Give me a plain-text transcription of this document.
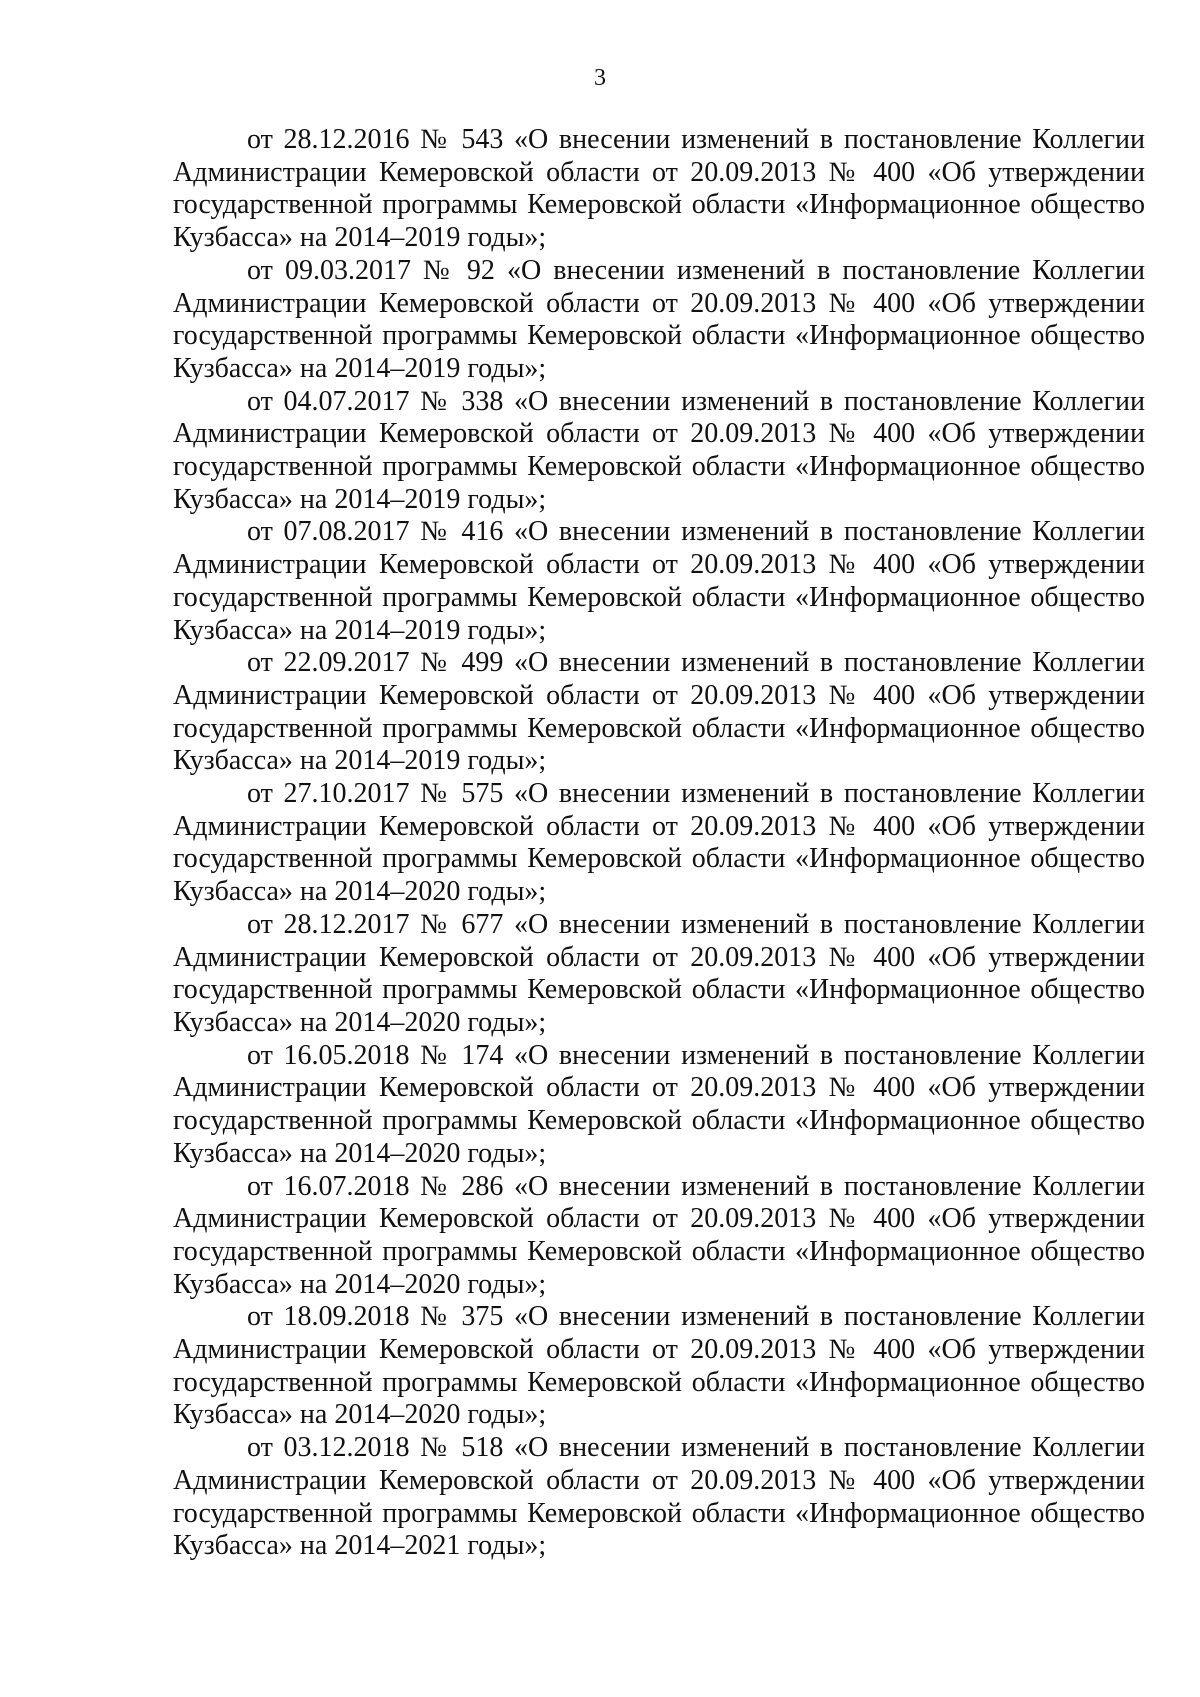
3

от 28.12.2016 № 543 «О внесении изменений в постановление Коллегии
Администрации Кемеровской области от 20.09.2013 № 400 «Об утверждении
государственной программы Кемеровской области «Информационное общество
Кузбасса» на 2014–2019 годы»;

от 09.03.2017 № 92 «О внесении изменений в постановление Коллегии
Администрации Кемеровской области от 20.09.2013 № 400 «Об утверждении
государственной программы Кемеровской области «Информационное общество
Кузбасса» на 2014–2019 годы»;

от 04.07.2017 № 338 «О внесении изменений в постановление Коллегии
Администрации Кемеровской области от 20.09.2013 № 400 «Об утверждении
государственной программы Кемеровской области «Информационное общество
Кузбасса» на 2014–2019 годы»;

от 07.08.2017 № 416 «О внесении изменений в постановление Коллегии
Администрации Кемеровской области от 20.09.2013 № 400 «Об утверждении
государственной программы Кемеровской области «Информационное общество
Кузбасса» на 2014–2019 годы»;

от 22.09.2017 № 499 «О внесении изменений в постановление Коллегии
Администрации Кемеровской области от 20.09.2013 № 400 «Об утверждении
государственной программы Кемеровской области «Информационное общество
Кузбасса» на 2014–2019 годы»;

от 27.10.2017 № 575 «О внесении изменений в постановление Коллегии
Администрации Кемеровской области от 20.09.2013 № 400 «Об утверждении
государственной программы Кемеровской области «Информационное общество
Кузбасса» на 2014–2020 годы»;

от 28.12.2017 № 677 «О внесении изменений в постановление Коллегии
Администрации Кемеровской области от 20.09.2013 № 400 «Об утверждении
государственной программы Кемеровской области «Информационное общество
Кузбасса» на 2014–2020 годы»;

от 16.05.2018 № 174 «О внесении изменений в постановление Коллегии
Администрации Кемеровской области от 20.09.2013 № 400 «Об утверждении
государственной программы Кемеровской области «Информационное общество
Кузбасса» на 2014–2020 годы»;

от 16.07.2018 № 286 «О внесении изменений в постановление Коллегии
Администрации Кемеровской области от 20.09.2013 № 400 «Об утверждении
государственной программы Кемеровской области «Информационное общество
Кузбасса» на 2014–2020 годы»;

от 18.09.2018 № 375 «О внесении изменений в постановление Коллегии
Администрации Кемеровской области от 20.09.2013 № 400 «Об утверждении
государственной программы Кемеровской области «Информационное общество
Кузбасса» на 2014–2020 годы»;

от 03.12.2018 № 518 «О внесении изменений в постановление Коллегии
Администрации Кемеровской области от 20.09.2013 № 400 «Об утверждении
государственной программы Кемеровской области «Информационное общество
Кузбасса» на 2014–2021 годы»;
